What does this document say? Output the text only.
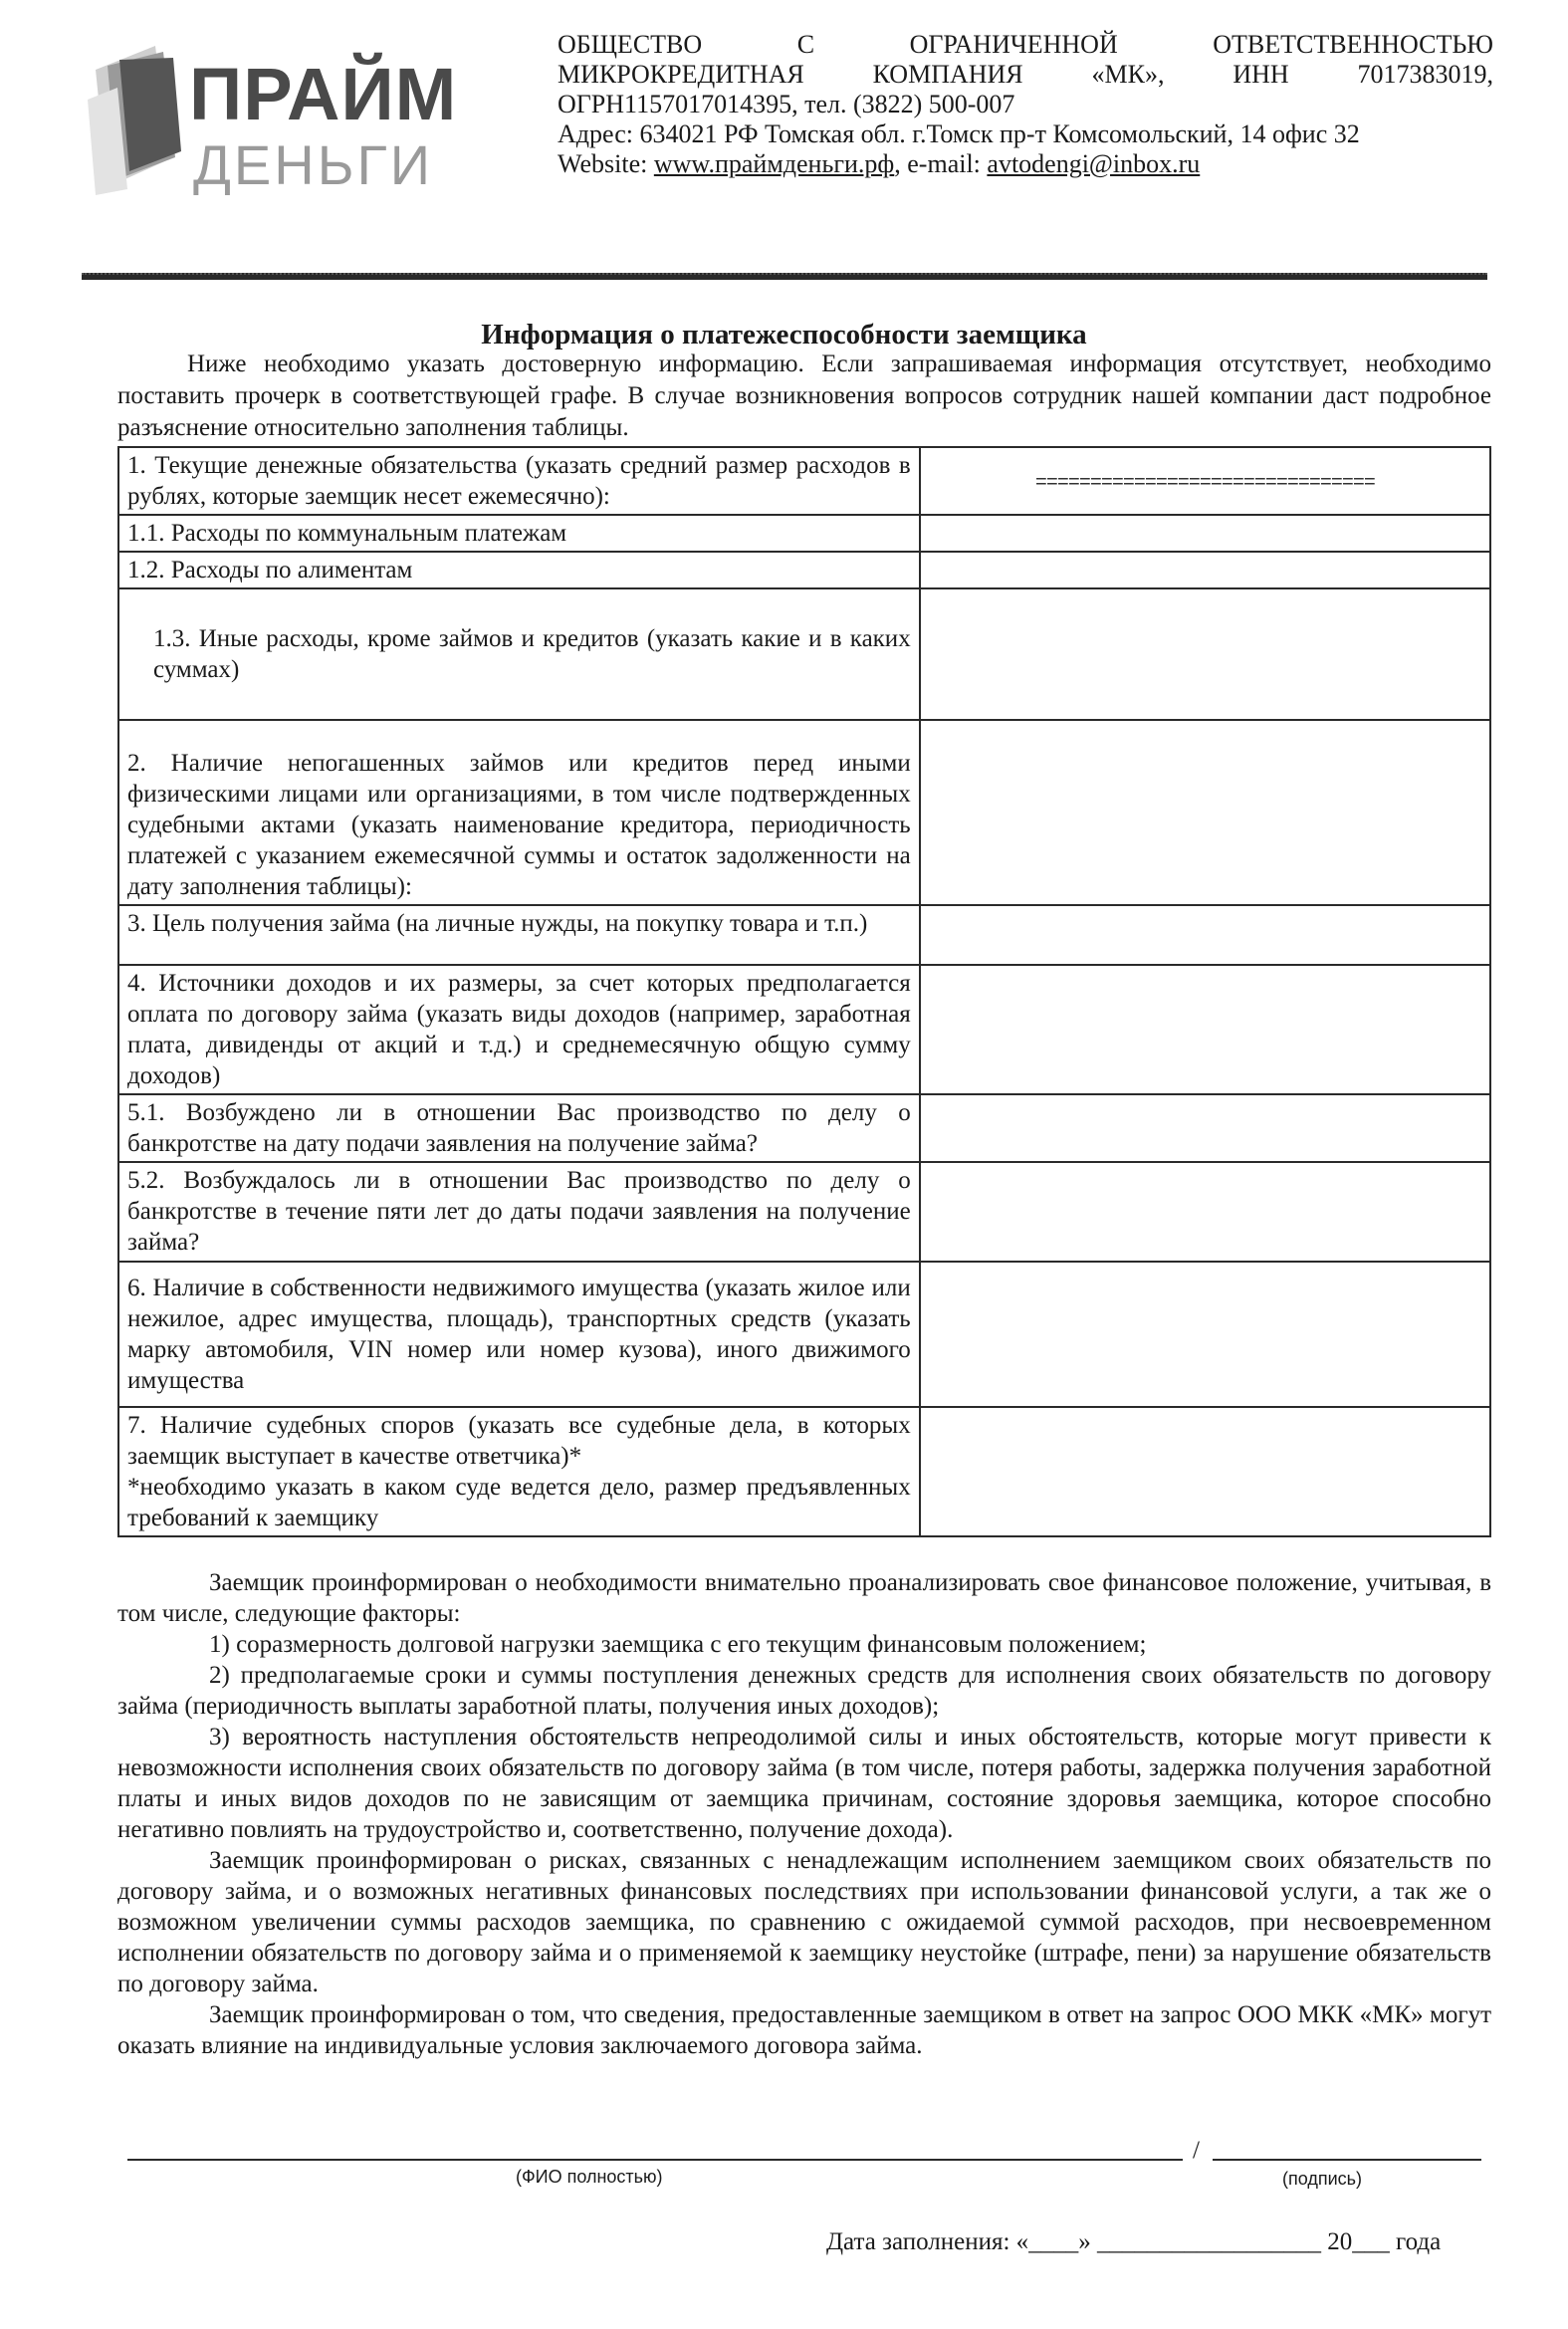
ПРАЙМ
ДЕНЬГИ
ОБЩЕСТВО	С	ОГРАНИЧЕННОЙ	ОТВЕТСТВЕННОСТЬЮ
МИКРОКРЕДИТНАЯ	КОМПАНИЯ	«МК»,	ИНН	7017383019,
ОГРН1157017014395, тел. (3822) 500-007
Адрес: 634021 РФ Томская обл. г.Томск пр-т Комсомольский, 14 офис 32
Website: www.праймденьги.рф, e-mail: avtodengi@inbox.ru
Информация о платежеспособности заемщика
Ниже необходимо указать достоверную информацию. Если запрашиваемая информация отсутствует, необходимо поставить прочерк в соответствующей графе. В случае возникновения вопросов сотрудник нашей компании даст подробное разъяснение относительно заполнения таблицы.
1. Текущие денежные обязательства (указать средний размер расходов в рублях, которые заемщик несет ежемесячно):	===============================

1.1. Расходы по коммунальным платежам	
1.2. Расходы по алиментам	

1.3. Иные расходы, кроме займов и кредитов (указать какие и в каких суммах)	

2. Наличие непогашенных займов или кредитов перед иными физическими лицами или организациями, в том числе подтвержденных судебными актами (указать наименование кредитора, периодичность платежей с указанием ежемесячной суммы и остаток задолженности на дату заполнения таблицы):	
3. Цель получения займа (на личные нужды, на покупку товара и т.п.)	
4. Источники доходов и их размеры, за счет которых предполагается оплата по договору займа (указать виды доходов (например, заработная плата, дивиденды от акций и т.д.) и среднемесячную общую сумму доходов)	
5.1. Возбуждено ли в отношении Вас производство по делу о банкротстве на дату подачи заявления на получение займа?	
5.2. Возбуждалось ли в отношении Вас производство по делу о банкротстве в течение пяти лет до даты подачи заявления на получение займа?	
6. Наличие в собственности недвижимого имущества (указать жилое или нежилое, адрес имущества, площадь), транспортных средств (указать марку автомобиля, VIN номер или номер кузова), иного движимого имущества	

7. Наличие судебных споров (указать все судебные дела, в которых заемщик выступает в качестве ответчика)*
*необходимо указать в каком суде ведется дело, размер предъявленных требований к заемщику	

Заемщик проинформирован о необходимости внимательно проанализировать свое финансовое положение, учитывая, в том числе, следующие факторы:

1) соразмерность долговой нагрузки заемщика с его текущим финансовым положением;

2) предполагаемые сроки и суммы поступления денежных средств для исполнения своих обязательств по договору займа (периодичность выплаты заработной платы, получения иных доходов);

3) вероятность наступления обстоятельств непреодолимой силы и иных обстоятельств, которые могут привести к невозможности исполнения своих обязательств по договору займа (в том числе, потеря работы, задержка получения заработной платы и иных видов доходов по не зависящим от заемщика причинам, состояние здоровья заемщика, которое способно негативно повлиять на трудоустройство и, соответственно, получение дохода).

Заемщик проинформирован о рисках, связанных с ненадлежащим исполнением заемщиком своих обязательств по договору займа, и о возможных негативных финансовых последствиях при использовании финансовой услуги, а так же о возможном увеличении суммы расходов заемщика, по сравнению с ожидаемой суммой расходов, при несвоевременном исполнении обязательств по договору займа и о применяемой к заемщику неустойке (штрафе, пени) за нарушение обязательств по договору займа.

Заемщик проинформирован о том, что сведения, предоставленные заемщиком в ответ на запрос ООО МКК «МК» могут оказать влияние на индивидуальные условия заключаемого договора займа.

/
(ФИО полностью)	(подпись)
Дата заполнения: «____» __________________ 20___ года
